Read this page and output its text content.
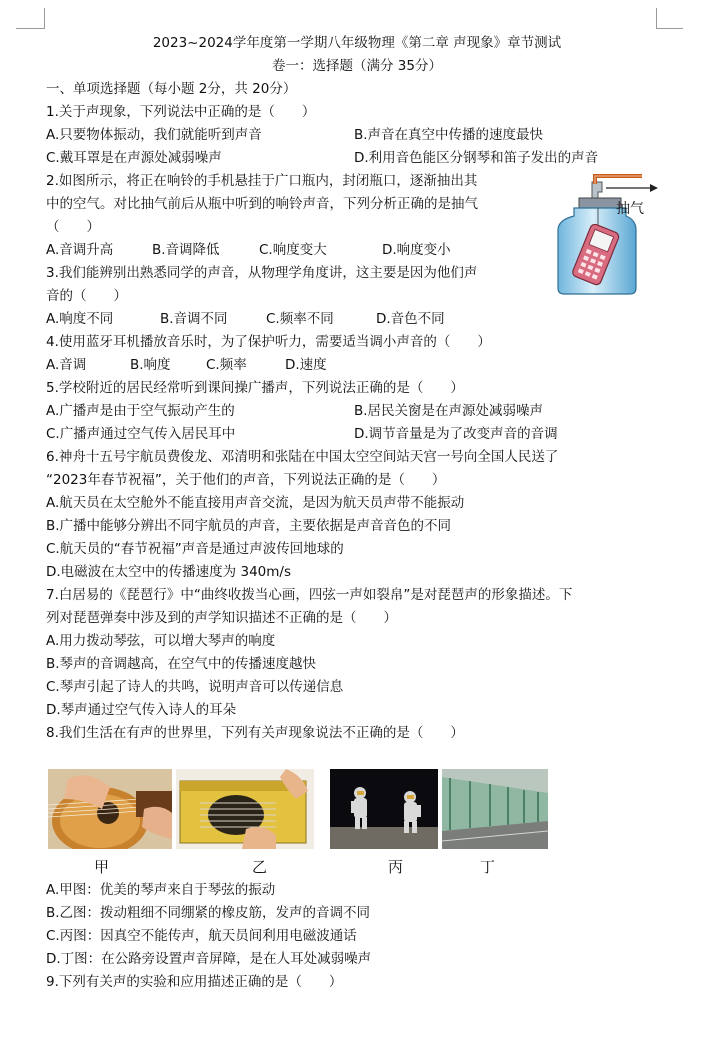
2023~2024学年度第一学期八年级物理《第二章 声现象》章节测试
卷一：选择题（满分 35分）
一、单项选择题（每小题 2分，共 20分）
1.关于声现象，下列说法中正确的是（　　）
A.只要物体振动，我们就能听到声音	B.声音在真空中传播的速度最快
C.戴耳罩是在声源处减弱噪声	D.利用音色能区分钢琴和笛子发出的声音
2.如图所示，将正在响铃的手机悬挂于广口瓶内，封闭瓶口，逐渐抽出其
中的空气。对比抽气前后从瓶中听到的响铃声音，下列分析正确的是抽气
（　　）
A.音调升高	B.音调降低	C.响度变大	D.响度变小
抽气
3.我们能辨别出熟悉同学的声音，从物理学角度讲，这主要是因为他们声
音的（　　）
A.响度不同	B.音调不同	C.频率不同	D.音色不同
4.使用蓝牙耳机播放音乐时，为了保护听力，需要适当调小声音的（　　）
A.音调	B.响度	C.频率	D.速度
5.学校附近的居民经常听到课间操广播声，下列说法正确的是（　　）
A.广播声是由于空气振动产生的	B.居民关窗是在声源处减弱噪声
C.广播声通过空气传入居民耳中	D.调节音量是为了改变声音的音调
6.神舟十五号宇航员费俊龙、邓清明和张陆在中国太空空间站天宫一号向全国人民送了
“2023年春节祝福”，关于他们的声音，下列说法正确的是（　　）
A.航天员在太空舱外不能直接用声音交流，是因为航天员声带不能振动
B.广播中能够分辨出不同宇航员的声音，主要依据是声音音色的不同
C.航天员的“春节祝福”声音是通过声波传回地球的
D.电磁波在太空中的传播速度为 340m/s
7.白居易的《琵琶行》中“曲终收拨当心画，四弦一声如裂帛”是对琵琶声的形象描述。下
列对琵琶弹奏中涉及到的声学知识描述不正确的是（　　）
A.用力拨动琴弦，可以增大琴声的响度
B.琴声的音调越高，在空气中的传播速度越快
C.琴声引起了诗人的共鸣，说明声音可以传递信息
D.琴声通过空气传入诗人的耳朵
8.我们生活在有声的世界里，下列有关声现象说法不正确的是（　　）
甲	乙	丙	丁
A.甲图：优美的琴声来自于琴弦的振动
B.乙图：拨动粗细不同绷紧的橡皮筋，发声的音调不同
C.丙图：因真空不能传声，航天员间利用电磁波通话
D.丁图：在公路旁设置声音屏障，是在人耳处减弱噪声
9.下列有关声的实验和应用描述正确的是（　　）
